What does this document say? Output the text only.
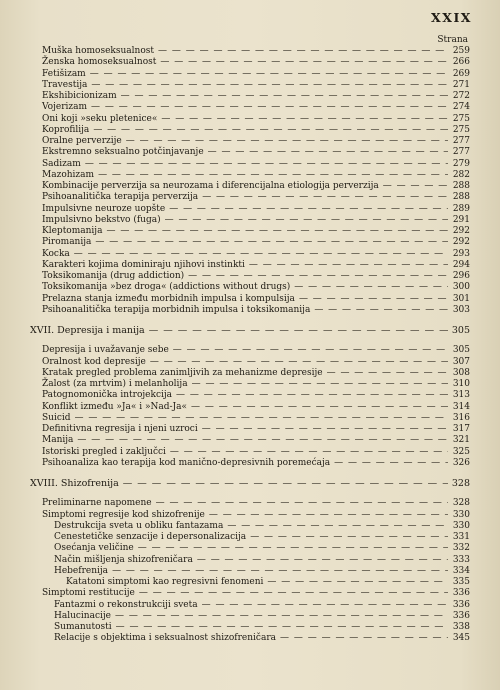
XXIX
Strana
Muška homoseksualnost — — —	259
Ženska homoseksualnost — — —	266
Fetišizam — — —	269
Travestija — — —	271
Ekshibicionizam — — —	272
Vojerizam — — —	274
Oni koji »seku pletenice« — — —	275
Koprofilija — — —	275
Oralne perverzije — — —	277
Ekstremno seksualno potčinjavanje — — —	277
Sadizam — — —	279
Mazohizam — — —	282
Kombinacije perverzija sa neurozama i diferencijalna etiologija perverzija — — —	288
Psihoanalitička terapija perverzija — — —	288
Impulsivne neuroze uopšte — — —	289
Impulsivno bekstvo (fuga) — — —	291
Kleptomanija — — —	292
Piromanija — — —	292
Kocka — — —	293
Karakteri kojima dominiraju njihovi instinkti — — —	294
Toksikomanija (drug addiction) — — —	296
Toksikomanija »bez droga« (addictions without drugs) — — —	300
Prelazna stanja između morbidnih impulsa i kompulsija — — —	301
Psihoanalitička terapija morbidnih impulsa i toksikomanija — — —	303
XVII. Depresija i manija — — —	305
Depresija i uvažavanje sebe — — —	305
Oralnost kod depresije — — —	307
Kratak pregled problema zanimljivih za mehanizme depresije — — —	308
Žalost (za mrtvim) i melanholija — — —	310
Patognomonička introjekcija — — —	313
Konflikt između »Ja« i »Nad-Ja« — — —	314
Suicid — — —	316
Definitivna regresija i njeni uzroci — — —	317
Manija — — —	321
Istoriski pregled i zaključci — — —	325
Psihoanaliza kao terapija kod manično-depresivnih poremećaja — — —	326
XVIII. Shizofrenija — — —	328
Preliminarne napomene — — —	328
Simptomi regresije kod shizofrenije — — —	330
Destrukcija sveta u obliku fantazama — — —	330
Cenestetičke senzacije i depersonalizacija — — —	331
Osećanja veličine — — —	332
Način mišljenja shizofreničara — — —	333
Hebefrenija — — —	334
Katatoni simptomi kao regresivni fenomeni — — —	335
Simptomi restitucije — — —	336
Fantazmi o rekonstrukciji sveta — — —	336
Halucinacije — — —	336
Sumanutosti — — —	338
Relacije s objektima i seksualnost shizofreničara — — —	345
